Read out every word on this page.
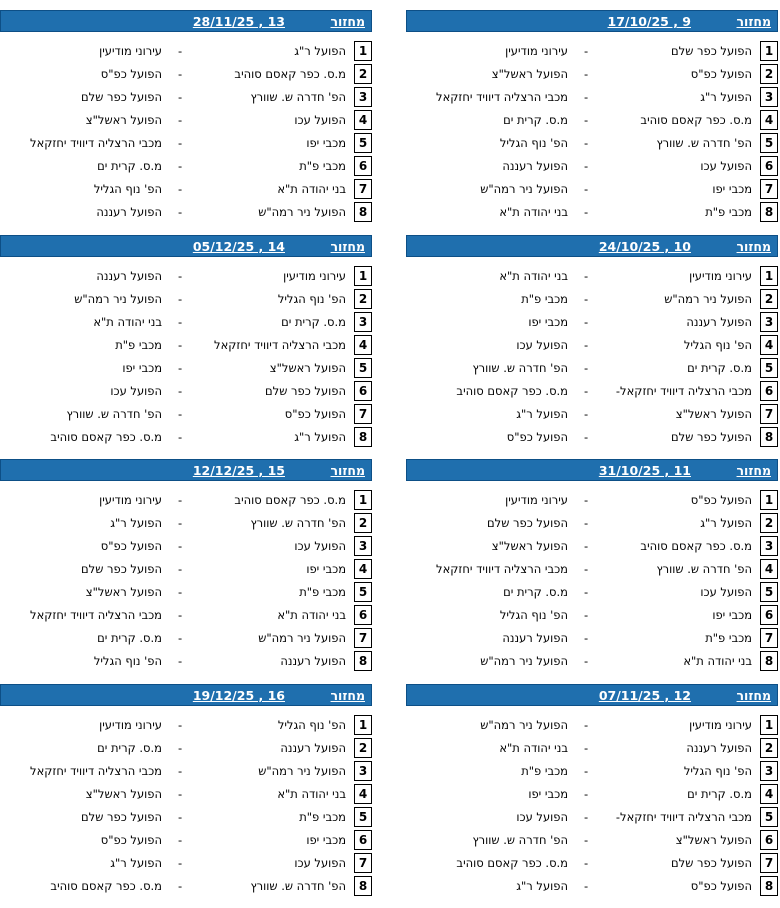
מחזור
17/10/25 , 9
1
הפועל כפר שלם
-
עירוני מודיעין
2
הפועל כפ"ס
-
הפועל ראשל"צ
3
הפועל ר"ג
-
מכבי הרצליה דיוויד יחזקאל
4
מ.ס. כפר קאסם סוהיב
-
מ.ס. קרית ים
5
הפ' חדרה ש. שוורץ
-
הפ' נוף הגליל
6
הפועל עכו
-
הפועל רעננה
7
מכבי יפו
-
הפועל ניר רמה"ש
8
מכבי פ"ת
-
בני יהודה ת"א
מחזור
28/11/25 , 13
1
הפועל ר"ג
-
עירוני מודיעין
2
מ.ס. כפר קאסם סוהיב
-
הפועל כפ"ס
3
הפ' חדרה ש. שוורץ
-
הפועל כפר שלם
4
הפועל עכו
-
הפועל ראשל"צ
5
מכבי יפו
-
מכבי הרצליה דיוויד יחזקאל
6
מכבי פ"ת
-
מ.ס. קרית ים
7
בני יהודה ת"א
-
הפ' נוף הגליל
8
הפועל ניר רמה"ש
-
הפועל רעננה
מחזור
24/10/25 , 10
1
עירוני מודיעין
-
בני יהודה ת"א
2
הפועל ניר רמה"ש
-
מכבי פ"ת
3
הפועל רעננה
-
מכבי יפו
4
הפ' נוף הגליל
-
הפועל עכו
5
מ.ס. קרית ים
-
הפ' חדרה ש. שוורץ
6
מכבי הרצליה דיוויד יחזקאל-
-
מ.ס. כפר קאסם סוהיב
7
הפועל ראשל"צ
-
הפועל ר"ג
8
הפועל כפר שלם
-
הפועל כפ"ס
מחזור
05/12/25 , 14
1
עירוני מודיעין
-
הפועל רעננה
2
הפ' נוף הגליל
-
הפועל ניר רמה"ש
3
מ.ס. קרית ים
-
בני יהודה ת"א
4
מכבי הרצליה דיוויד יחזקאל
-
מכבי פ"ת
5
הפועל ראשל"צ
-
מכבי יפו
6
הפועל כפר שלם
-
הפועל עכו
7
הפועל כפ"ס
-
הפ' חדרה ש. שוורץ
8
הפועל ר"ג
-
מ.ס. כפר קאסם סוהיב
מחזור
31/10/25 , 11
1
הפועל כפ"ס
-
עירוני מודיעין
2
הפועל ר"ג
-
הפועל כפר שלם
3
מ.ס. כפר קאסם סוהיב
-
הפועל ראשל"צ
4
הפ' חדרה ש. שוורץ
-
מכבי הרצליה דיוויד יחזקאל
5
הפועל עכו
-
מ.ס. קרית ים
6
מכבי יפו
-
הפ' נוף הגליל
7
מכבי פ"ת
-
הפועל רעננה
8
בני יהודה ת"א
-
הפועל ניר רמה"ש
מחזור
12/12/25 , 15
1
מ.ס. כפר קאסם סוהיב
-
עירוני מודיעין
2
הפ' חדרה ש. שוורץ
-
הפועל ר"ג
3
הפועל עכו
-
הפועל כפ"ס
4
מכבי יפו
-
הפועל כפר שלם
5
מכבי פ"ת
-
הפועל ראשל"צ
6
בני יהודה ת"א
-
מכבי הרצליה דיוויד יחזקאל
7
הפועל ניר רמה"ש
-
מ.ס. קרית ים
8
הפועל רעננה
-
הפ' נוף הגליל
מחזור
07/11/25 , 12
1
עירוני מודיעין
-
הפועל ניר רמה"ש
2
הפועל רעננה
-
בני יהודה ת"א
3
הפ' נוף הגליל
-
מכבי פ"ת
4
מ.ס. קרית ים
-
מכבי יפו
5
מכבי הרצליה דיוויד יחזקאל-
-
הפועל עכו
6
הפועל ראשל"צ
-
הפ' חדרה ש. שוורץ
7
הפועל כפר שלם
-
מ.ס. כפר קאסם סוהיב
8
הפועל כפ"ס
-
הפועל ר"ג
מחזור
19/12/25 , 16
1
הפ' נוף הגליל
-
עירוני מודיעין
2
הפועל רעננה
-
מ.ס. קרית ים
3
הפועל ניר רמה"ש
-
מכבי הרצליה דיוויד יחזקאל
4
בני יהודה ת"א
-
הפועל ראשל"צ
5
מכבי פ"ת
-
הפועל כפר שלם
6
מכבי יפו
-
הפועל כפ"ס
7
הפועל עכו
-
הפועל ר"ג
8
הפ' חדרה ש. שוורץ
-
מ.ס. כפר קאסם סוהיב
